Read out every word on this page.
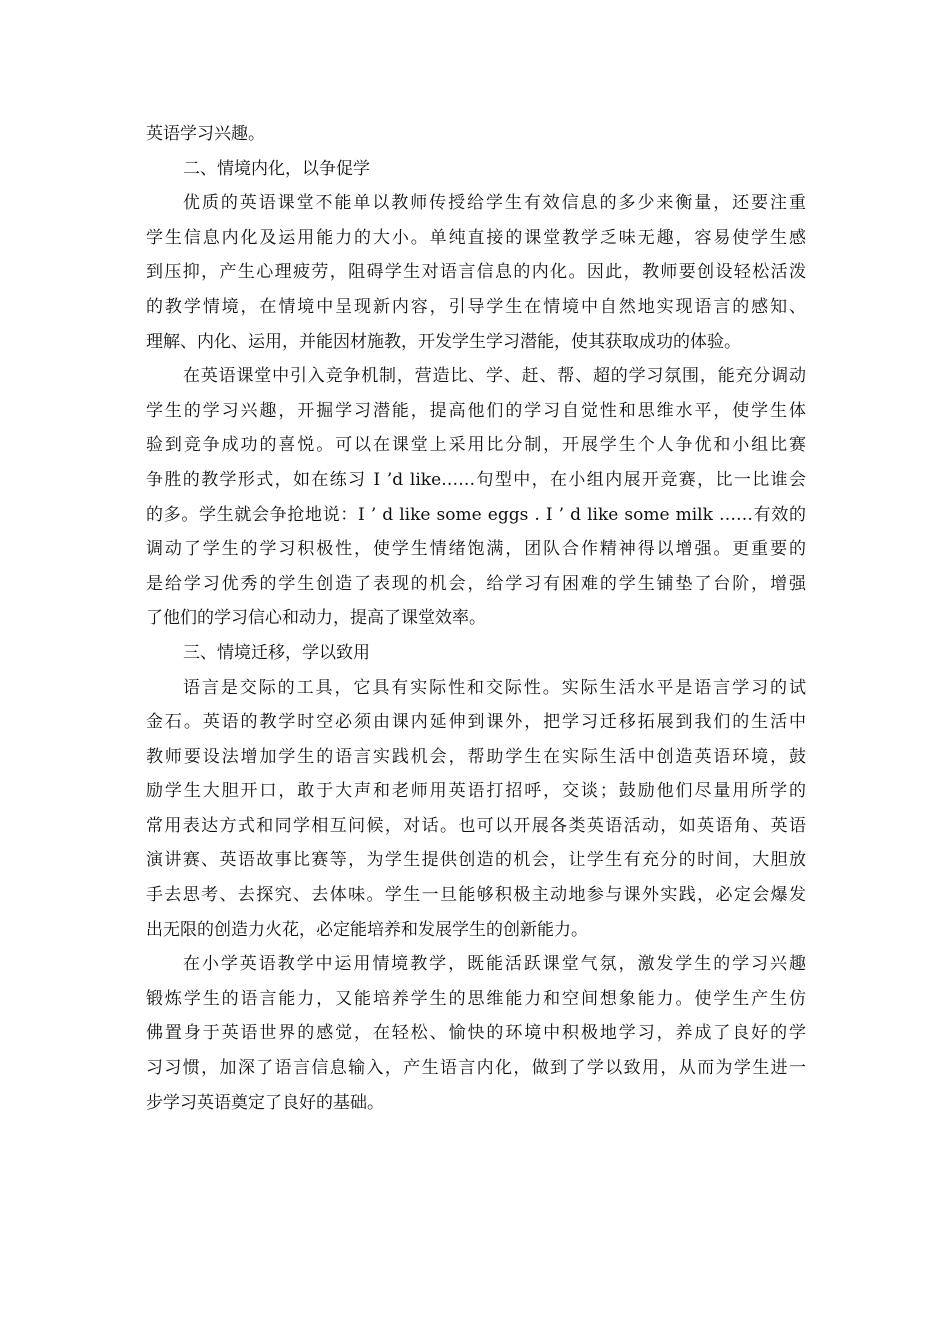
英语学习兴趣。
二、情境内化，以争促学
优质的英语课堂不能单以教师传授给学生有效信息的多少来衡量，还要注重
学生信息内化及运用能力的大小。单纯直接的课堂教学乏味无趣，容易使学生感
到压抑，产生心理疲劳，阻碍学生对语言信息的内化。因此，教师要创设轻松活泼
的教学情境，在情境中呈现新内容，引导学生在情境中自然地实现语言的感知、
理解、内化、运用，并能因材施教，开发学生学习潜能，使其获取成功的体验。
在英语课堂中引入竞争机制，营造比、学、赶、帮、超的学习氛围，能充分调动
学生的学习兴趣，开掘学习潜能，提高他们的学习自觉性和思维水平，使学生体
验到竞争成功的喜悦。可以在课堂上采用比分制，开展学生个人争优和小组比赛
争胜的教学形式，如在练习 I ’d like……句型中，在小组内展开竞赛，比一比谁会
的多。学生就会争抢地说：I ’ d like some eggs . I ’ d like some milk ……有效的
调动了学生的学习积极性，使学生情绪饱满，团队合作精神得以增强。更重要的
是给学习优秀的学生创造了表现的机会，给学习有困难的学生铺垫了台阶，增强
了他们的学习信心和动力，提高了课堂效率。
三、情境迁移，学以致用
语言是交际的工具，它具有实际性和交际性。实际生活水平是语言学习的试
金石。英语的教学时空必须由课内延伸到课外，把学习迁移拓展到我们的生活中
教师要设法增加学生的语言实践机会，帮助学生在实际生活中创造英语环境，鼓
励学生大胆开口，敢于大声和老师用英语打招呼，交谈；鼓励他们尽量用所学的
常用表达方式和同学相互问候，对话。也可以开展各类英语活动，如英语角、英语
演讲赛、英语故事比赛等，为学生提供创造的机会，让学生有充分的时间，大胆放
手去思考、去探究、去体味。学生一旦能够积极主动地参与课外实践，必定会爆发
出无限的创造力火花，必定能培养和发展学生的创新能力。
在小学英语教学中运用情境教学，既能活跃课堂气氛，激发学生的学习兴趣
锻炼学生的语言能力，又能培养学生的思维能力和空间想象能力。使学生产生仿
佛置身于英语世界的感觉，在轻松、愉快的环境中积极地学习，养成了良好的学
习习惯，加深了语言信息输入，产生语言内化，做到了学以致用，从而为学生进一
步学习英语奠定了良好的基础。
